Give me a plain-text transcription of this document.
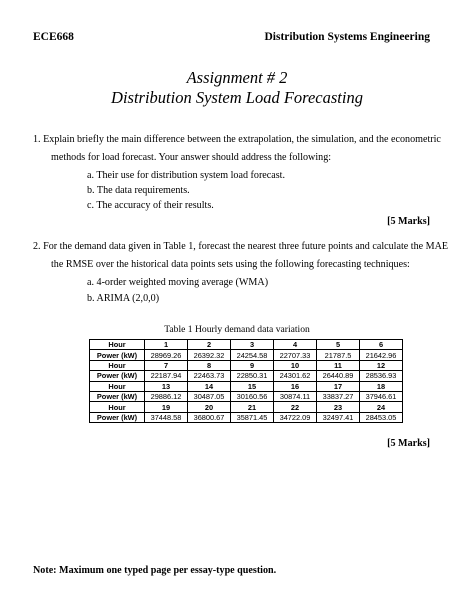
ECE668	Distribution Systems Engineering
Assignment # 2
Distribution System Load Forecasting
1. Explain briefly the main difference between the extrapolation, the simulation, and the econometric
methods for load forecast. Your answer should address the following:
a. Their use for distribution system load forecast.
b. The data requirements.
c. The accuracy of their results.
[5 Marks]
2. For the demand data given in Table 1, forecast the nearest three future points and calculate the MAE
the RMSE over the historical data points sets using the following forecasting techniques:
a. 4-order weighted moving average (WMA)
b. ARIMA (2,0,0)
Table 1 Hourly demand data variation
Hour	1	2	3	4	5	6
Power (kW)	28969.26	26392.32	24254.58	22707.33	21787.5	21642.96
Hour	7	8	9	10	11	12
Power (kW)	22187.94	22463.73	22850.31	24301.62	26440.89	28536.93
Hour	13	14	15	16	17	18
Power (kW)	29886.12	30487.05	30160.56	30874.11	33837.27	37946.61
Hour	19	20	21	22	23	24
Power (kW)	37448.58	36800.67	35871.45	34722.09	32497.41	28453.05
[5 Marks]
Note: Maximum one typed page per essay-type question.
